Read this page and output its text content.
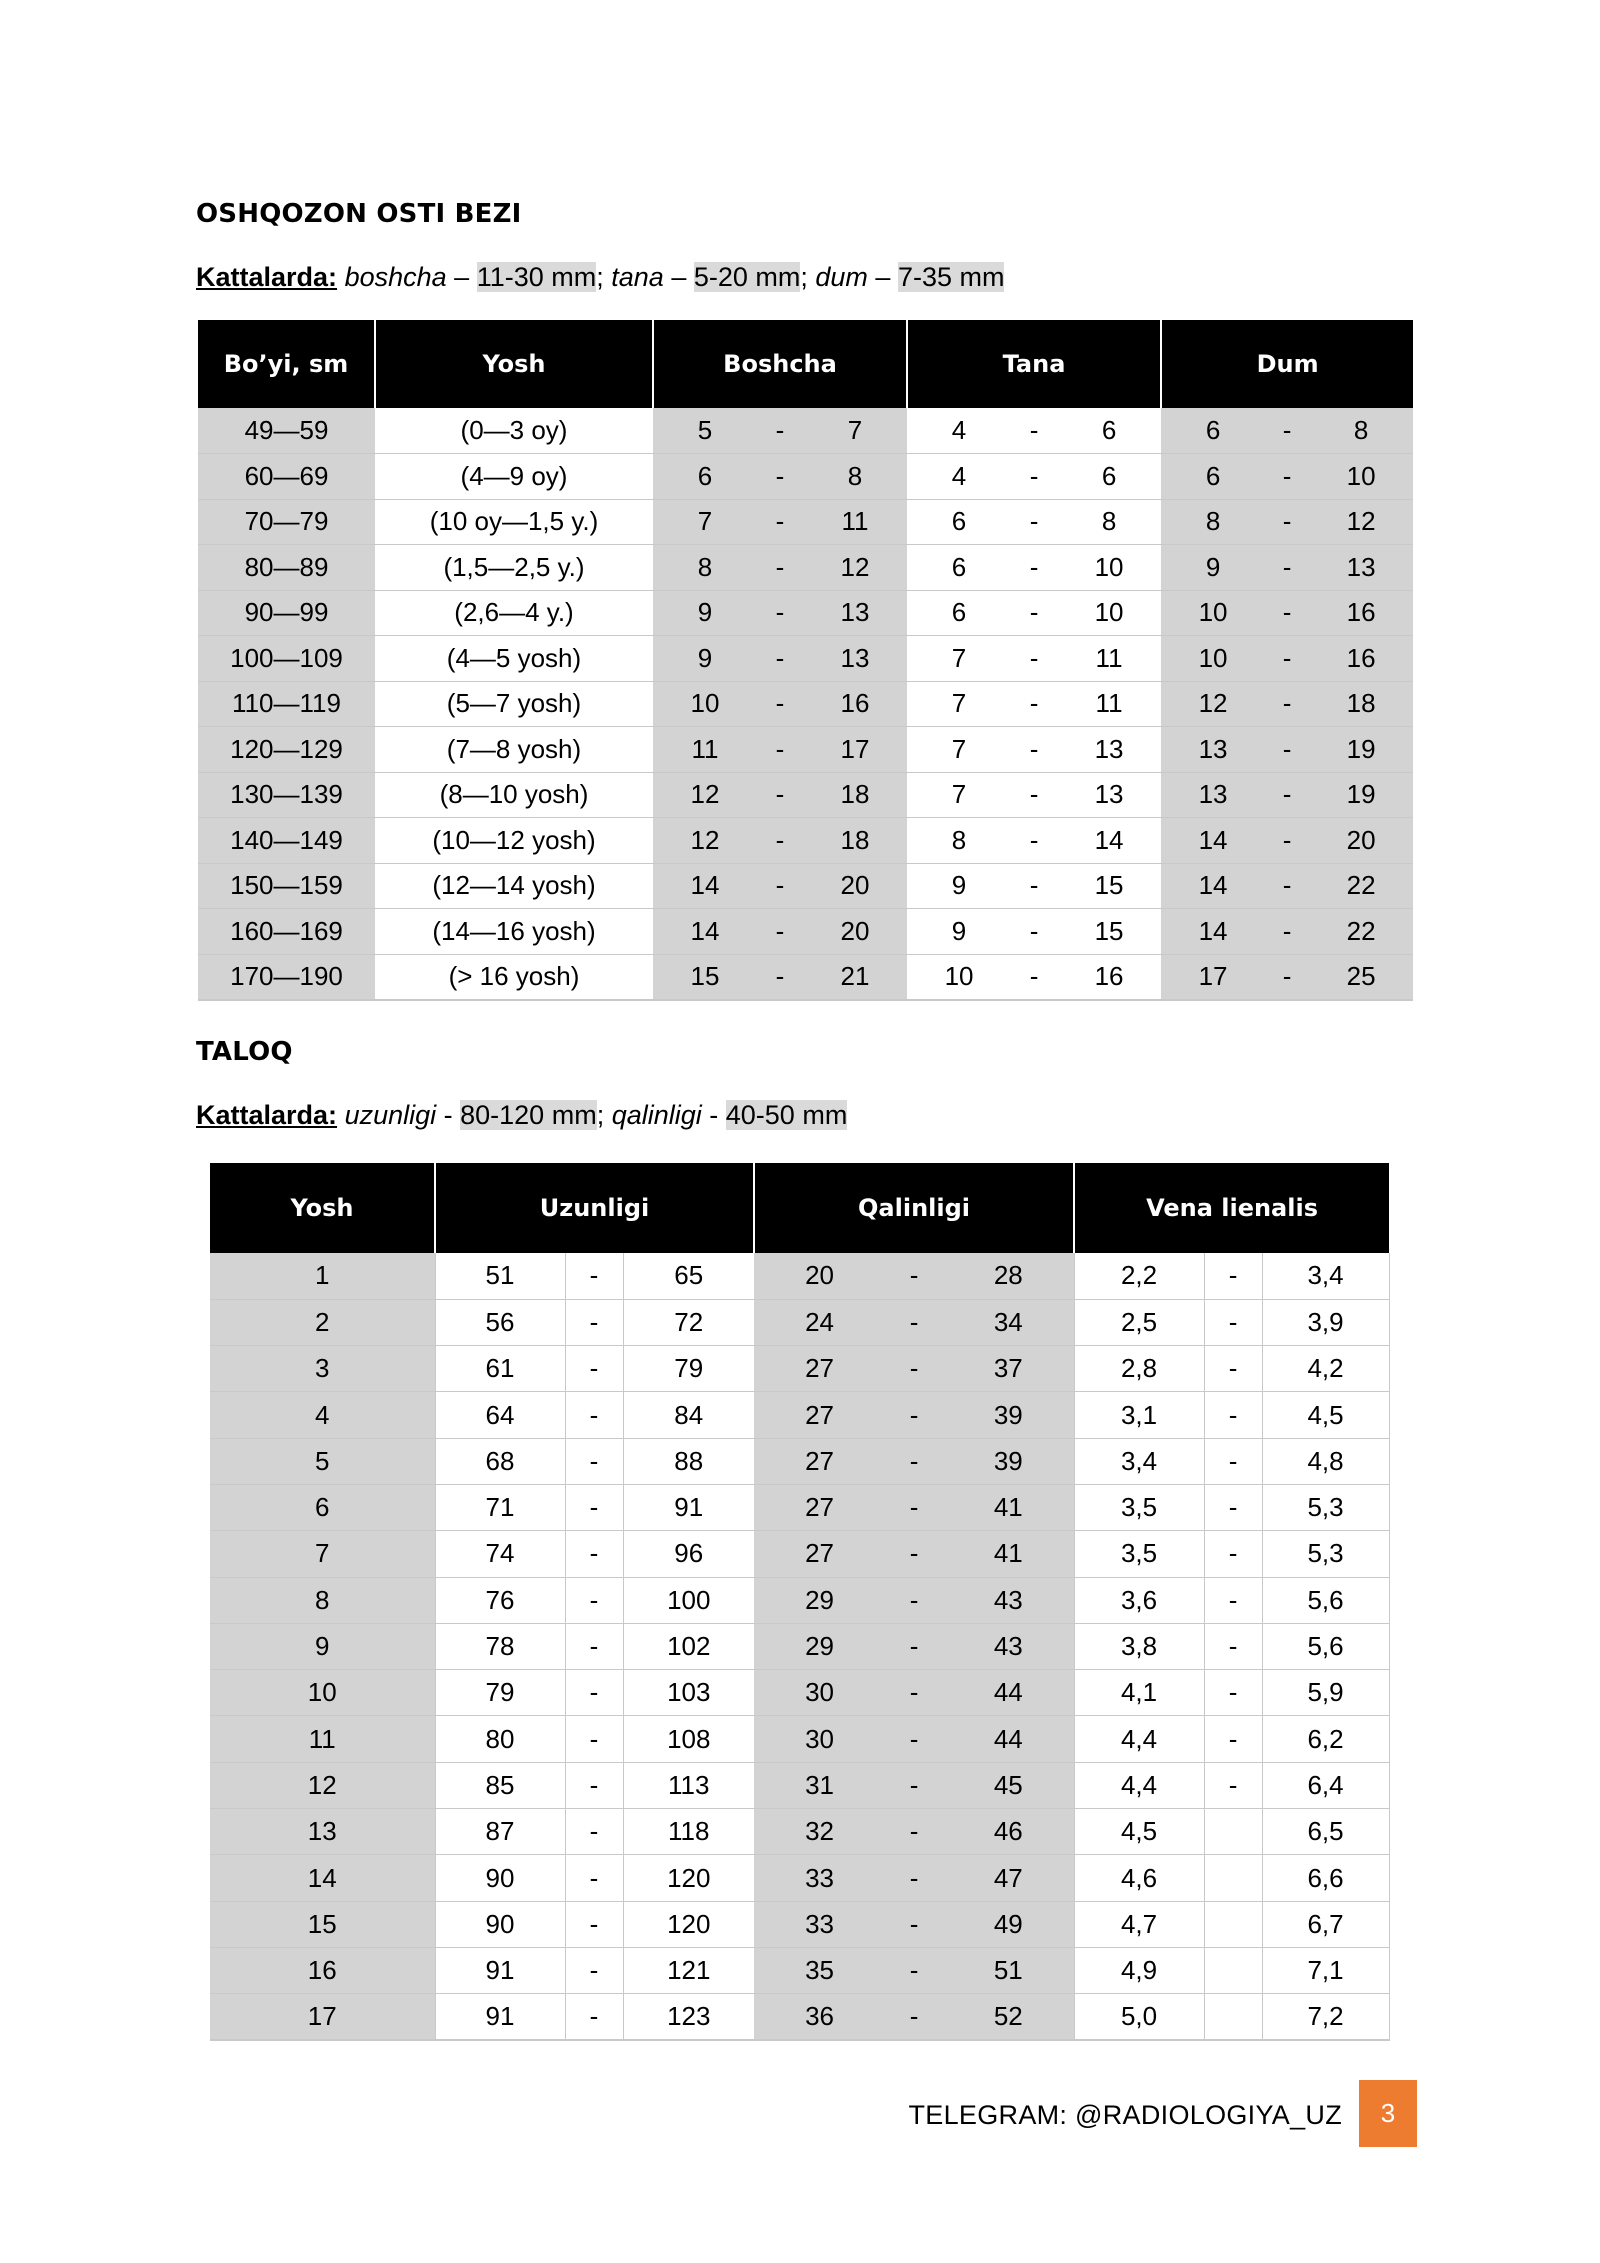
OSHQOZON OSTI BEZI
Kattalarda: boshcha – 11-30 mm; tana – 5-20 mm; dum – 7-35 mm
Bo’yi, sm	Yosh	Boshcha			Tana			Dum		
49—59	(0—3 oy)	5	-	7	4	-	6	6	-	8
60—69	(4—9 oy)	6	-	8	4	-	6	6	-	10
70—79	(10 oy—1,5 y.)	7	-	11	6	-	8	8	-	12
80—89	(1,5—2,5 y.)	8	-	12	6	-	10	9	-	13
90—99	(2,6—4 y.)	9	-	13	6	-	10	10	-	16
100—109	(4—5 yosh)	9	-	13	7	-	11	10	-	16
110—119	(5—7 yosh)	10	-	16	7	-	11	12	-	18
120—129	(7—8 yosh)	11	-	17	7	-	13	13	-	19
130—139	(8—10 yosh)	12	-	18	7	-	13	13	-	19
140—149	(10—12 yosh)	12	-	18	8	-	14	14	-	20
150—159	(12—14 yosh)	14	-	20	9	-	15	14	-	22
160—169	(14—16 yosh)	14	-	20	9	-	15	14	-	22
170—190	(> 16 yosh)	15	-	21	10	-	16	17	-	25
TALOQ
Kattalarda: uzunligi - 80-120 mm; qalinligi - 40-50 mm
Yosh	Uzunligi			Qalinligi			Vena lienalis		
1	51	-	65	20	-	28	2,2	-	3,4
2	56	-	72	24	-	34	2,5	-	3,9
3	61	-	79	27	-	37	2,8	-	4,2
4	64	-	84	27	-	39	3,1	-	4,5
5	68	-	88	27	-	39	3,4	-	4,8
6	71	-	91	27	-	41	3,5	-	5,3
7	74	-	96	27	-	41	3,5	-	5,3
8	76	-	100	29	-	43	3,6	-	5,6
9	78	-	102	29	-	43	3,8	-	5,6
10	79	-	103	30	-	44	4,1	-	5,9
11	80	-	108	30	-	44	4,4	-	6,2
12	85	-	113	31	-	45	4,4	-	6,4
13	87	-	118	32	-	46	4,5		6,5
14	90	-	120	33	-	47	4,6		6,6
15	90	-	120	33	-	49	4,7		6,7
16	91	-	121	35	-	51	4,9		7,1
17	91	-	123	36	-	52	5,0		7,2
TELEGRAM: @RADIOLOGIYA_UZ	3
